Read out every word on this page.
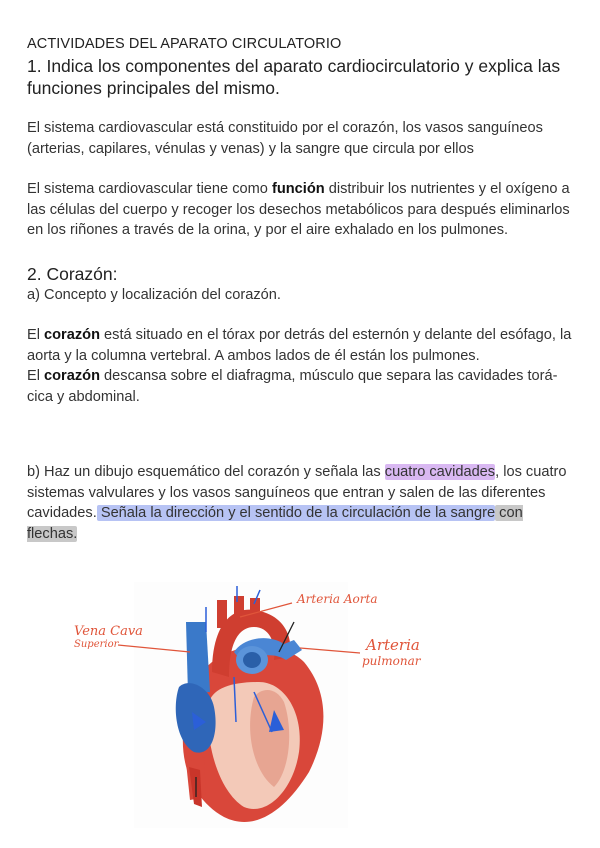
ACTIVIDADES DEL APARATO CIRCULATORIO

1. Indica los componentes del aparato cardiocirculatorio y explica las funciones principales del mismo.

El sistema cardiovascular está constituido por el corazón, los vasos sanguíneos (arterias, capilares, vénulas y venas) y la sangre que circula por ellos

El sistema cardiovascular tiene como función distribuir los nutrientes y el oxígeno a las células del cuerpo y recoger los desechos metabólicos para después eliminarlos en los riñones a través de la orina, y por el aire exhalado en los pulmones.

2. Corazón:

a) Concepto y localización del corazón.

El corazón está situado en el tórax por detrás del esternón y delante del esófago, la aorta y la columna vertebral. A ambos lados de él están los pulmones.

El corazón descansa sobre el diafragma, músculo que separa las cavidades torá-cica y abdominal.

b) Haz un dibujo esquemático del corazón y señala las cuatro cavidades, los cuatro sistemas valvulares y los vasos sanguíneos que entran y salen de las diferentes cavidades. Señala la dirección y el sentido de la circulación de la sangre con flechas.

Vena Cava
Superior
Arteria Aorta
Arteria
pulmonar
